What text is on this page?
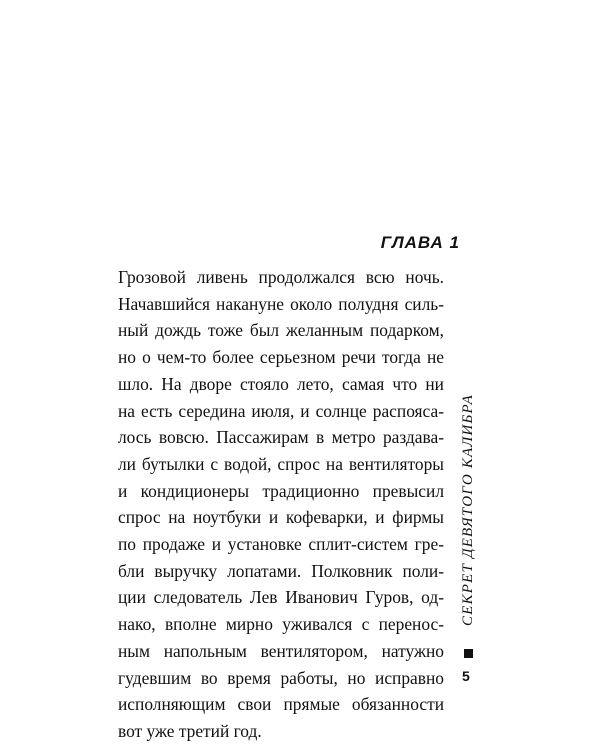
ГЛАВА 1
Грозовой ливень продолжался всю ночь.
Начавшийся накануне около полудня силь-
ный дождь тоже был желанным подарком,
но о чем-то более серьезном речи тогда не
шло. На дворе стояло лето, самая что ни
на есть середина июля, и солнце распояса-
лось вовсю. Пассажирам в метро раздава-
ли бутылки с водой, спрос на вентиляторы
и кондиционеры традиционно превысил
спрос на ноутбуки и кофеварки, и фирмы
по продаже и установке сплит-систем гре-
бли выручку лопатами. Полковник поли-
ции следователь Лев Иванович Гуров, од-
нако, вполне мирно уживался с перенос-
ным напольным вентилятором, натужно
гудевшим во время работы, но исправно
исполняющим свои прямые обязанности
вот уже третий год.
СЕКРЕТ ДЕВЯТОГО КАЛИБРА
5
